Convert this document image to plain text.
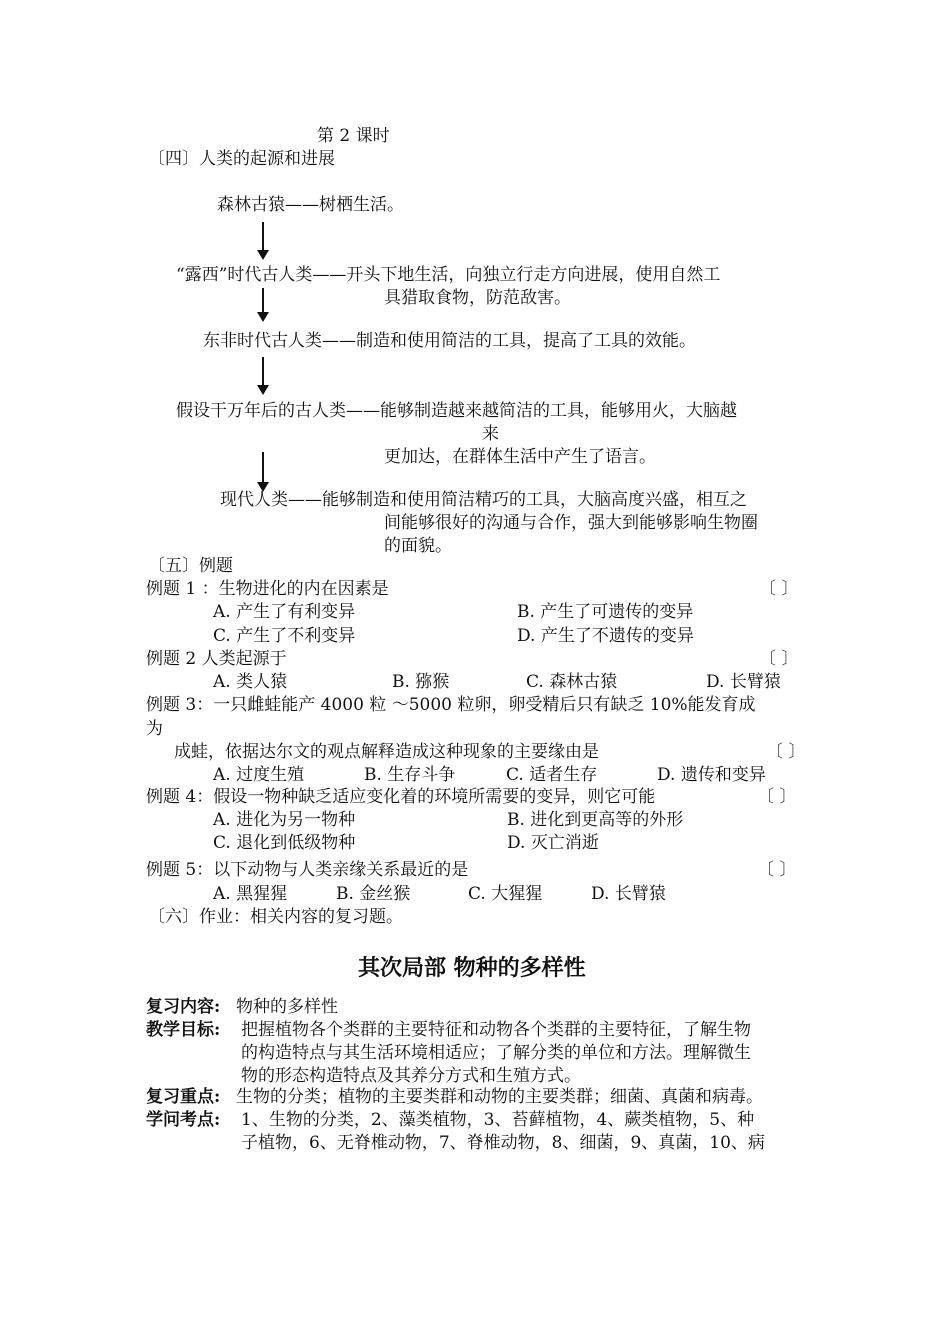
第 2 课时
〔四〕人类的起源和进展
森林古猿——树栖生活。
“露西”时代古人类——开头下地生活，向独立行走方向进展，使用自然工
具猎取食物，防范敌害。
东非时代古人类——制造和使用简洁的工具，提高了工具的效能。
假设干万年后的古人类——能够制造越来越简洁的工具，能够用火，大脑越
来
更加达，在群体生活中产生了语言。
现代人类——能够制造和使用简洁精巧的工具，大脑高度兴盛，相互之
间能够很好的沟通与合作，强大到能够影响生物圈
的面貌。
〔五〕例题
例题 1 ：生物进化的内在因素是	〔 〕
A. 产生了有利变异	B. 产生了可遗传的变异
C. 产生了不利变异	D. 产生了不遗传的变异
例题 2 人类起源于	〔 〕
A. 类人猿	B. 猕猴	C. 森林古猿	D. 长臂猿
例题 3：一只雌蛙能产 4000 粒 ～5000 粒卵，卵受精后只有缺乏 10%能发育成
为
成蛙，依据达尔文的观点解释造成这种现象的主要缘由是	〔 〕
A. 过度生殖	B. 生存斗争	C. 适者生存	D. 遗传和变异
例题 4：假设一物种缺乏适应变化着的环境所需要的变异，则它可能	〔 〕
A. 进化为另一物种	B. 进化到更高等的外形
C. 退化到低级物种	D. 灭亡消逝
例题 5：以下动物与人类亲缘关系最近的是	〔 〕
A. 黑猩猩	B. 金丝猴	C. 大猩猩	D. 长臂猿
〔六〕作业：相关内容的复习题。
其次局部 物种的多样性
复习内容: 物种的多样性
教学目标: 把握植物各个类群的主要特征和动物各个类群的主要特征，了解生物
的构造特点与其生活环境相适应；了解分类的单位和方法。理解微生
物的形态构造特点及其养分方式和生殖方式。
复习重点: 生物的分类；植物的主要类群和动物的主要类群；细菌、真菌和病毒。
学问考点: 1、生物的分类，2、藻类植物，3、苔藓植物，4、蕨类植物，5、种
子植物，6、无脊椎动物，7、脊椎动物，8、细菌，9、真菌，10、病
